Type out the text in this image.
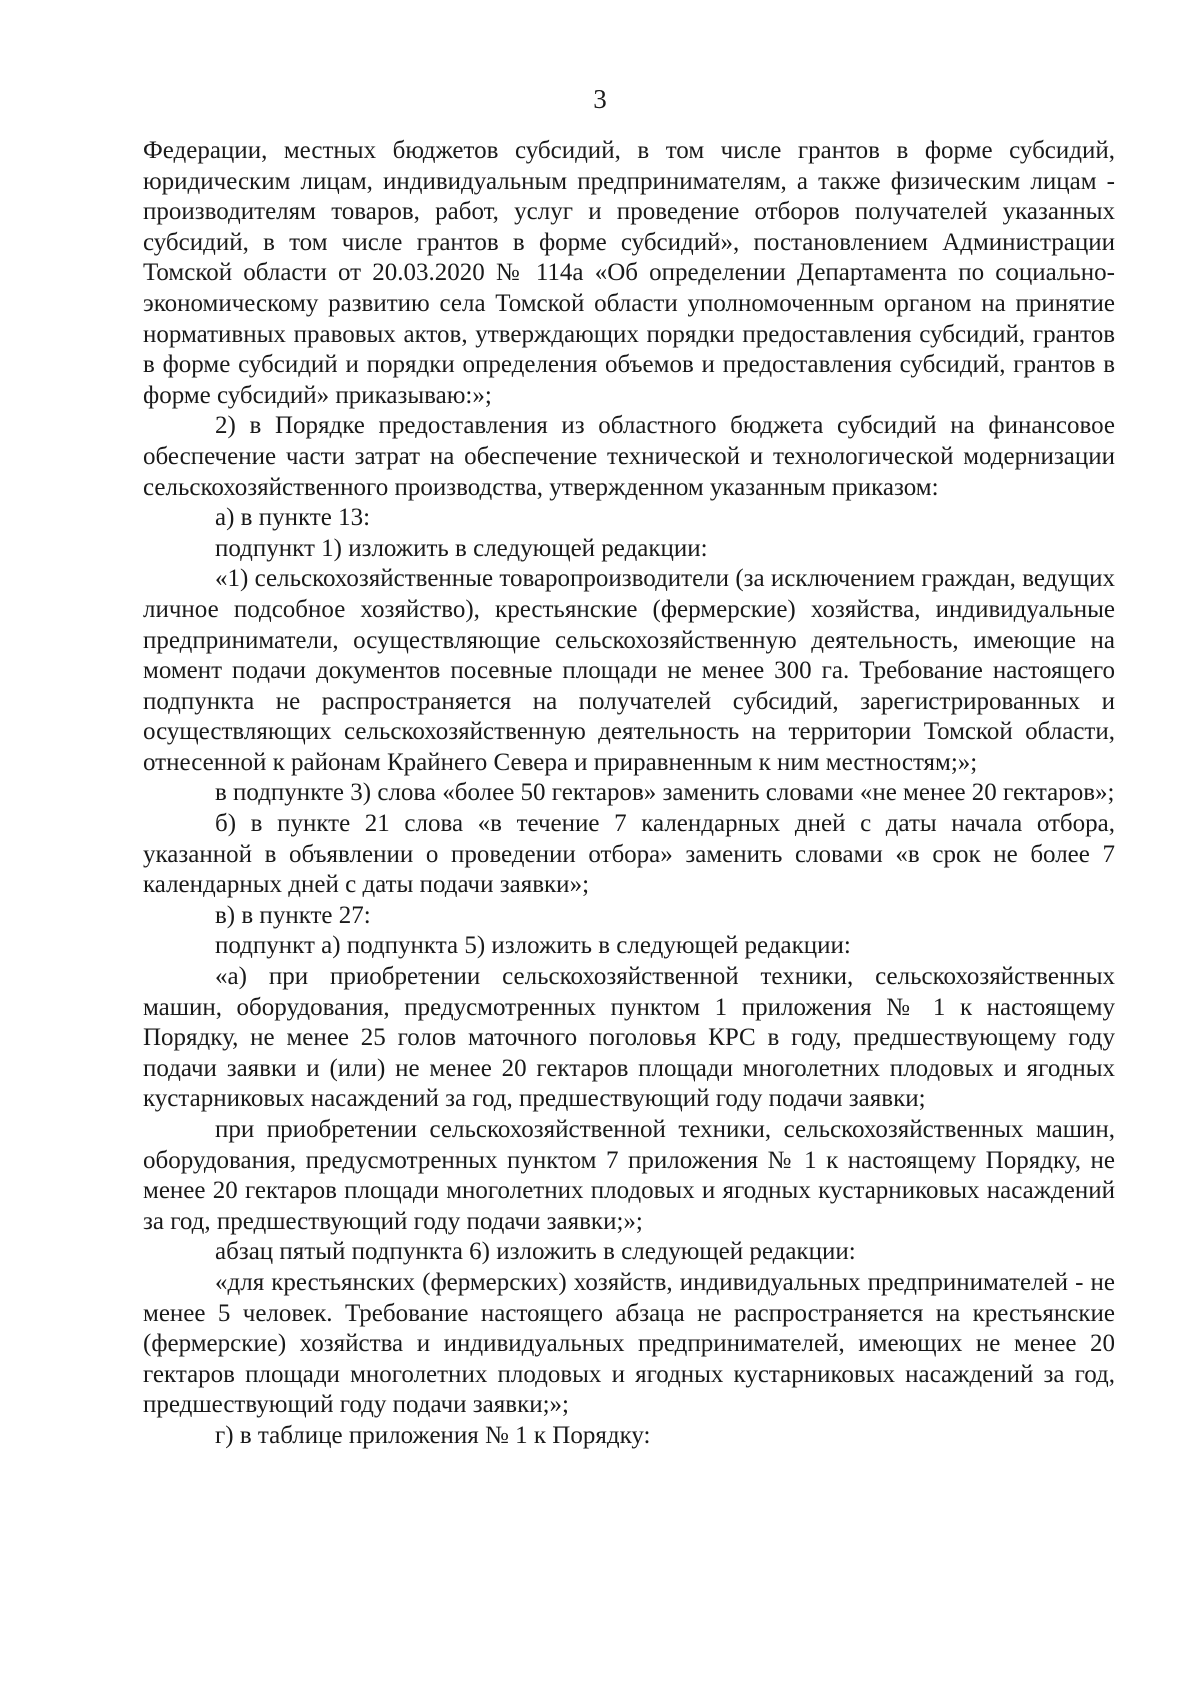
3

Федерации, местных бюджетов субсидий, в том числе грантов в форме субсидий, юридическим лицам, индивидуальным предпринимателям, а также физическим лицам - производителям товаров, работ, услуг и проведение отборов получателей указанных субсидий, в том числе грантов в форме субсидий», постановлением Администрации Томской области от 20.03.2020 № 114а «Об определении Департамента по социально-экономическому развитию села Томской области уполномоченным органом на принятие нормативных правовых актов, утверждающих порядки предоставления субсидий, грантов в форме субсидий и порядки определения объемов и предоставления субсидий, грантов в форме субсидий» приказываю:»;

2) в Порядке предоставления из областного бюджета субсидий на финансовое обеспечение части затрат на обеспечение технической и технологической модернизации сельскохозяйственного производства, утвержденном указанным приказом:

а) в пункте 13:

подпункт 1) изложить в следующей редакции:

«1) сельскохозяйственные товаропроизводители (за исключением граждан, ведущих личное подсобное хозяйство), крестьянские (фермерские) хозяйства, индивидуальные предприниматели, осуществляющие сельскохозяйственную деятельность, имеющие на момент подачи документов посевные площади не менее 300 га. Требование настоящего подпункта не распространяется на получателей субсидий, зарегистрированных и осуществляющих сельскохозяйственную деятельность на территории Томской области, отнесенной к районам Крайнего Севера и приравненным к ним местностям;»;

в подпункте 3) слова «более 50 гектаров» заменить словами «не менее 20 гектаров»;

б) в пункте 21 слова «в течение 7 календарных дней с даты начала отбора, указанной в объявлении о проведении отбора» заменить словами «в срок не более 7 календарных дней с даты подачи заявки»;

в) в пункте 27:

подпункт а) подпункта 5) изложить в следующей редакции:

«а) при приобретении сельскохозяйственной техники, сельскохозяйственных машин, оборудования, предусмотренных пунктом 1 приложения № 1 к настоящему Порядку, не менее 25 голов маточного поголовья КРС в году, предшествующему году подачи заявки и (или) не менее 20 гектаров площади многолетних плодовых и ягодных кустарниковых насаждений за год, предшествующий году подачи заявки;

при приобретении сельскохозяйственной техники, сельскохозяйственных машин, оборудования, предусмотренных пунктом 7 приложения № 1 к настоящему Порядку, не менее 20 гектаров площади многолетних плодовых и ягодных кустарниковых насаждений за год, предшествующий году подачи заявки;»;

абзац пятый подпункта 6) изложить в следующей редакции:

«для крестьянских (фермерских) хозяйств, индивидуальных предпринимателей - не менее 5 человек. Требование настоящего абзаца не распространяется на крестьянские (фермерские) хозяйства и индивидуальных предпринимателей, имеющих не менее 20 гектаров площади многолетних плодовых и ягодных кустарниковых насаждений за год, предшествующий году подачи заявки;»;

г) в таблице приложения № 1 к Порядку:
